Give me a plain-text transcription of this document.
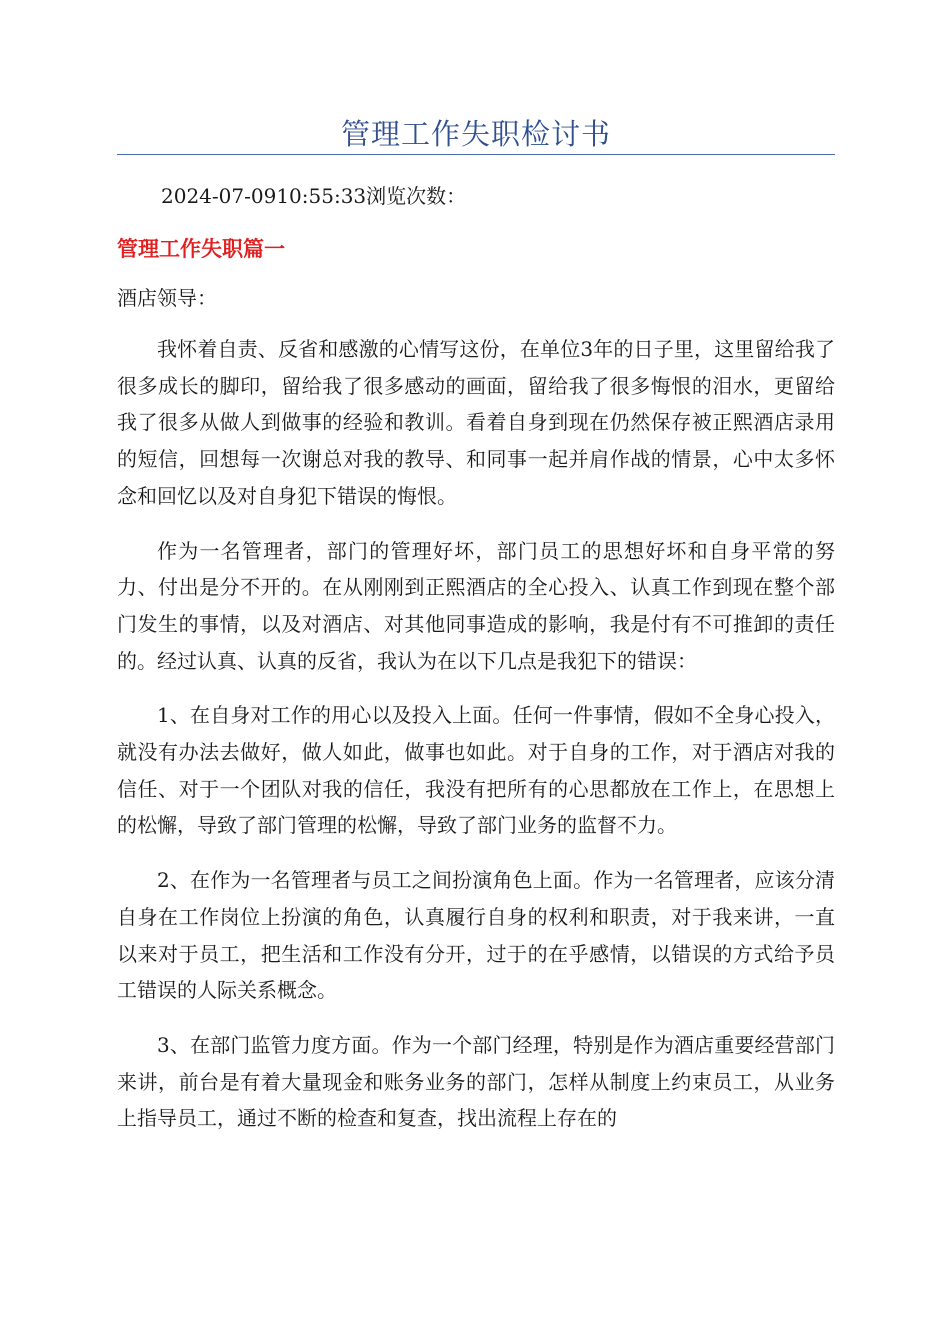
管理工作失职检讨书
2024-07-0910:55:33浏览次数：
管理工作失职篇一
酒店领导：

我怀着自责、反省和感激的心情写这份，在单位3年的日子里，这里留给我了很多成长的脚印，留给我了很多感动的画面，留给我了很多悔恨的泪水，更留给我了很多从做人到做事的经验和教训。看着自身到现在仍然保存被正熙酒店录用的短信，回想每一次谢总对我的教导、和同事一起并肩作战的情景，心中太多怀念和回忆以及对自身犯下错误的悔恨。

作为一名管理者，部门的管理好坏，部门员工的思想好坏和自身平常的努力、付出是分不开的。在从刚刚到正熙酒店的全心投入、认真工作到现在整个部门发生的事情，以及对酒店、对其他同事造成的影响，我是付有不可推卸的责任的。经过认真、认真的反省，我认为在以下几点是我犯下的错误：

1、在自身对工作的用心以及投入上面。任何一件事情，假如不全身心投入，就没有办法去做好，做人如此，做事也如此。对于自身的工作，对于酒店对我的信任、对于一个团队对我的信任，我没有把所有的心思都放在工作上，在思想上的松懈，导致了部门管理的松懈，导致了部门业务的监督不力。

2、在作为一名管理者与员工之间扮演角色上面。作为一名管理者，应该分清自身在工作岗位上扮演的角色，认真履行自身的权利和职责，对于我来讲，一直以来对于员工，把生活和工作没有分开，过于的在乎感情，以错误的方式给予员工错误的人际关系概念。

3、在部门监管力度方面。作为一个部门经理，特别是作为酒店重要经营部门来讲，前台是有着大量现金和账务业务的部门，怎样从制度上约束员工，从业务上指导员工，通过不断的检查和复查，找出流程上存在的
